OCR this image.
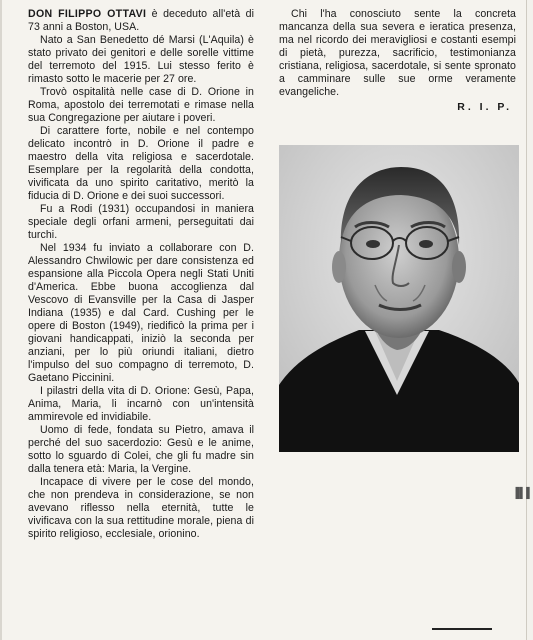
DON FILIPPO OTTAVI è deceduto all'età di 73 anni a Boston, USA.

Nato a San Benedetto dé Marsi (L'Aquila) è stato privato dei genitori e delle sorelle vittime del terremoto del 1915. Lui stesso ferito è rimasto sotto le macerie per 27 ore.

Trovò ospitalità nelle case di D. Orione in Roma, apostolo dei terremotati e rimase nella sua Congregazione per aiutare i poveri.

Di carattere forte, nobile e nel contempo delicato incontrò in D. Orione il padre e maestro della vita religiosa e sacerdotale. Esemplare per la regolarità della condotta, vivificata da uno spirito caritativo, meritò la fiducia di D. Orione e dei suoi successori.

Fu a Rodi (1931) occupandosi in maniera speciale degli orfani armeni, perseguitati dai turchi.

Nel 1934 fu inviato a collaborare con D. Alessandro Chwilowic per dare consistenza ed espansione alla Piccola Opera negli Stati Uniti d'America. Ebbe buona accoglienza dal Vescovo di Evansville per la Casa di Jasper Indiana (1935) e dal Card. Cushing per le opere di Boston (1949), riedificò la prima per i giovani handicappati, iniziò la seconda per anziani, per lo più oriundi italiani, dietro l'impulso del suo compagno di terremoto, D. Gaetano Piccinini.

I pilastri della vita di D. Orione: Gesù, Papa, Anima, Maria, li incarnò con un'intensità ammirevole ed invidiabile.

Uomo di fede, fondata su Pietro, amava il perché del suo sacerdozio: Gesù e le anime, sotto lo sguardo di Colei, che gli fu madre sin dalla tenera età: Maria, la Vergine.

Incapace di vivere per le cose del mondo, che non prendeva in considerazione, se non avevano riflesso nella eternità, tutte le vivificava con la sua rettitudine morale, piena di spirito religioso, ecclesiale, orionino.

Chi l'ha conosciuto sente la concreta mancanza della sua severa e ieratica presenza, ma nel ricordo dei meravigliosi e costanti esempi di pietà, purezza, sacrificio, testimonianza cristiana, religiosa, sacerdotale, si sente spronato a camminare sulle sue orme veramente evangeliche.

R. I. P.
▐▌▌
